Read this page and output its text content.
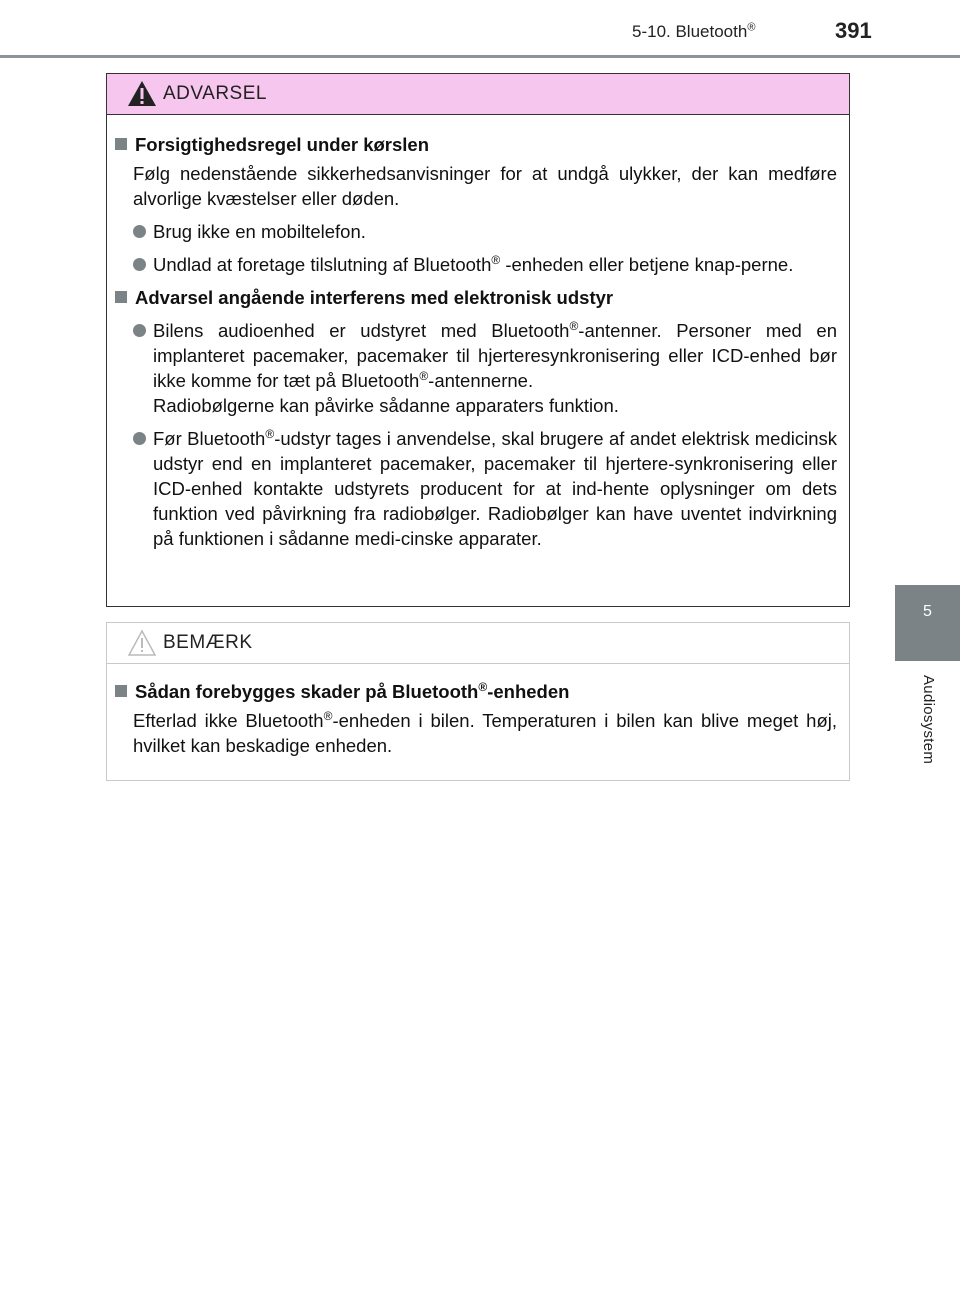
5-10. Bluetooth®	391
5
Audiosystem
ADVARSEL
Forsigtighedsregel under kørslen
Følg nedenstående sikkerhedsanvisninger for at undgå ulykker, der kan medføre alvorlige kvæstelser eller døden.
Brug ikke en mobiltelefon.
Undlad at foretage tilslutning af Bluetooth® -enheden eller betjene knap-perne.
Advarsel angående interferens med elektronisk udstyr
Bilens audioenhed er udstyret med Bluetooth®-antenner. Personer med en implanteret pacemaker, pacemaker til hjerteresynkronisering eller ICD-enhed bør ikke komme for tæt på Bluetooth®-antennerne.
Radiobølgerne kan påvirke sådanne apparaters funktion.
Før Bluetooth®-udstyr tages i anvendelse, skal brugere af andet elektrisk medicinsk udstyr end en implanteret pacemaker, pacemaker til hjertere-synkronisering eller ICD-enhed kontakte udstyrets producent for at ind-hente oplysninger om dets funktion ved påvirkning fra radiobølger. Radiobølger kan have uventet indvirkning på funktionen i sådanne medi-cinske apparater.
BEMÆRK
Sådan forebygges skader på Bluetooth®-enheden
Efterlad ikke Bluetooth®-enheden i bilen. Temperaturen i bilen kan blive meget høj, hvilket kan beskadige enheden.
